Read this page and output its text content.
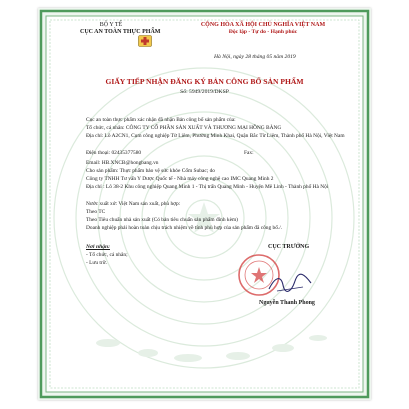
BỘ Y TẾ
CỤC AN TOÀN THỰC PHẨM
CỘNG HÒA XÃ HỘI CHỦ NGHĨA VIỆT NAM
Độc lập - Tự do - Hạnh phúc
Hà Nội, ngày 28 tháng 05 năm 2019
GIẤY TIẾP NHẬN ĐĂNG KÝ BẢN CÔNG BỐ SẢN PHẨM
Số: 5949/2019/DKSP
Cục an toàn thực phẩm xác nhận đã nhận Bản công bố sản phẩm của:
Tổ chức, cá nhân: CÔNG TY CỔ PHẦN SẢN XUẤT VÀ THƯƠNG MẠI HỒNG BÀNG
Địa chỉ: Lô A2CN1, Cụm công nghiệp Từ Liêm, Phường Minh Khai, Quận Bắc Từ Liêm, Thành phố Hà Nội, Việt Nam
Điện thoại: 02435377580	Fax:
Email: HB.XNCB@hongbang.vn
Cho sản phẩm: Thực phẩm bảo vệ sức khỏe Cốm Subac; do
Công ty TNHH Tư vấn Y Dược Quốc tế - Nhà máy công nghệ cao IMC Quang Minh 2
Địa chỉ : Lô 38-2 Khu công nghiệp Quang Minh 1 - Thị trấn Quang Minh - Huyện Mê Linh - Thành phố Hà Nội
Nước xuất xứ: Việt Nam sản xuất, phù hợp:
Theo TC
Theo Tiêu chuẩn nhà sản xuất (Có bản tiêu chuẩn sản phẩm đính kèm)
Doanh nghiệp phải hoàn toàn chịu trách nhiệm về tính phù hợp của sản phẩm đã công bố./.
Nơi nhận:
- Tổ chức, cá nhân;
- Lưu trữ.
CỤC TRƯỞNG
Nguyễn Thanh Phong
